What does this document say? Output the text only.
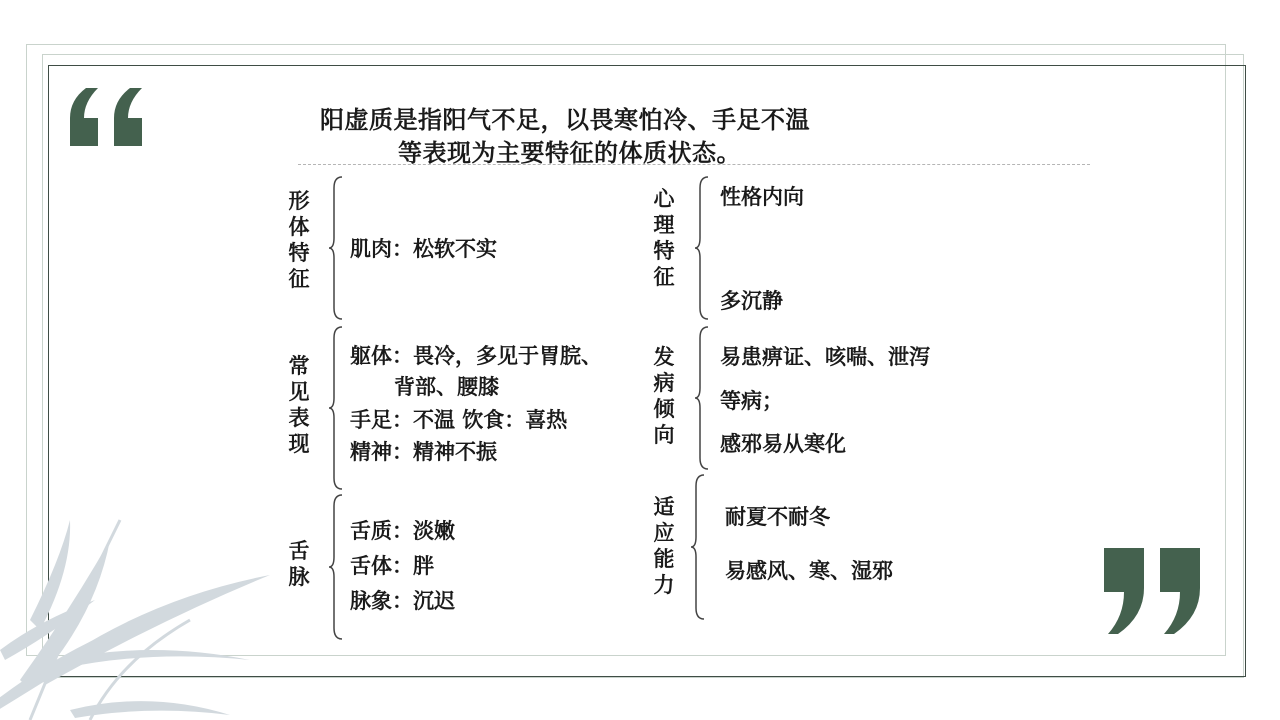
阳虚质是指阳气不足，以畏寒怕冷、手足不温
等表现为主要特征的体质状态。
形体特征
肌肉：松软不实
常见表现
躯体：畏冷，多见于胃脘、
背部、腰膝
手足：不温 饮食：喜热
精神：精神不振
舌脉
舌质：淡嫩
舌体：胖
脉象：沉迟
心理特征
性格内向
多沉静
发病倾向
易患痹证、咳喘、泄泻
等病；
感邪易从寒化
适应能力
耐夏不耐冬
易感风、寒、湿邪
